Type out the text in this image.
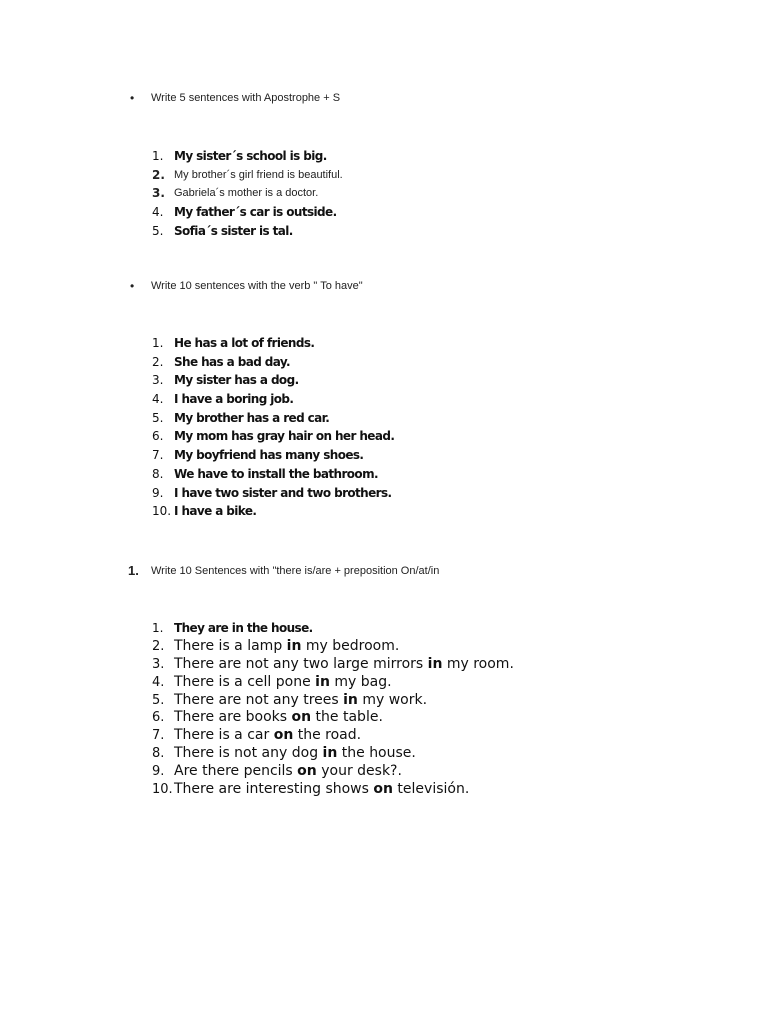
•	Write 5 sentences with Apostrophe + S
1. My sister´s school is big.
2. My brother´s girl friend is beautiful.
3. Gabriela´s mother is a doctor.
4. My father´s car is outside.
5. Sofia´s sister is tal.
•	Write 10 sentences with the verb " To have"
1. He has a lot of friends.
2. She has a bad day.
3. My sister has a dog.
4. I have a boring job.
5. My brother has a red car.
6. My mom has gray hair on her head.
7. My boyfriend has many shoes.
8. We have to install the bathroom.
9. I have two sister and two brothers.
10. I have a bike.
1.	Write 10 Sentences with "there is/are + preposition On/at/in
1. They are in the house.
2. There is a lamp in my bedroom.
3. There are not any two large mirrors in my room.
4. There is a cell pone in my bag.
5. There are not any trees in my work.
6. There are books on the table.
7. There is a car on the road.
8. There is not any dog in the house.
9. Are there pencils on your desk?.
10. There are interesting shows on televisión.
